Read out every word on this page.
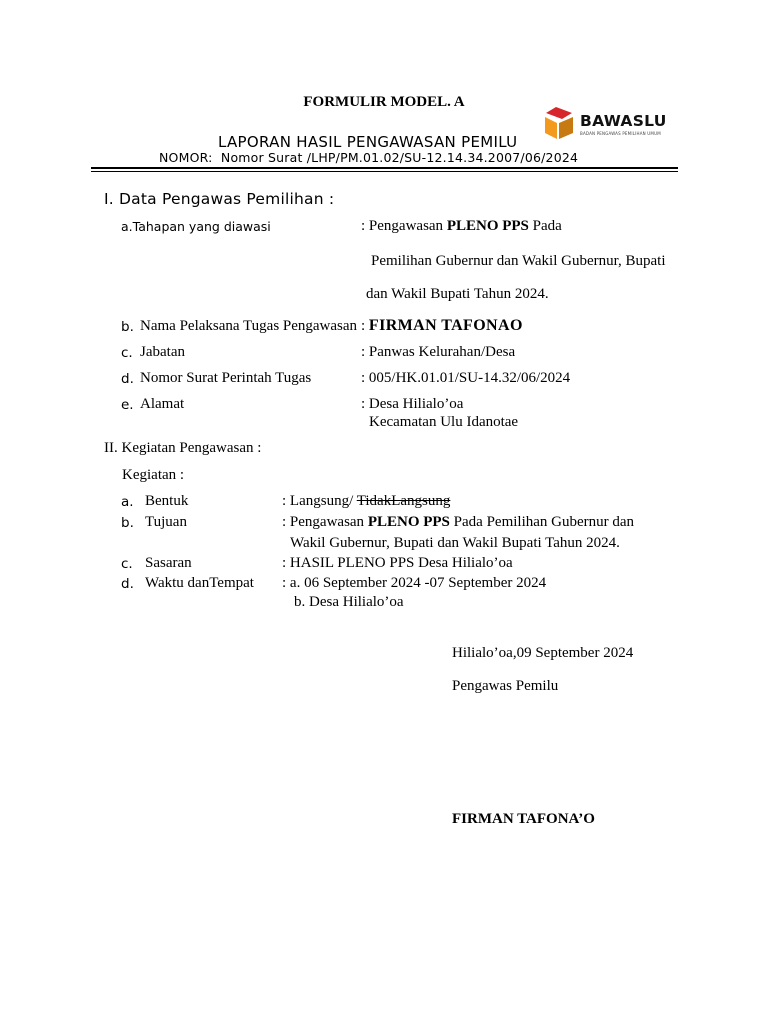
FORMULIR MODEL. A
BAWASLU
BADAN PENGAWAS PEMILIHAN UMUM
LAPORAN HASIL PENGAWASAN PEMILU
NOMOR: Nomor Surat /LHP/PM.01.02/SU-12.14.34.2007/06/2024
I. Data Pengawas Pemilihan :
a.Tahapan yang diawasi	: Pengawasan PLENO PPS Pada
Pemilihan Gubernur dan Wakil Gubernur, Bupati
dan Wakil Bupati Tahun 2024.
b. Nama Pelaksana Tugas Pengawasan : FIRMAN TAFONAO
c. Jabatan	: Panwas Kelurahan/Desa
d. Nomor Surat Perintah Tugas	: 005/HK.01.01/SU-14.32/06/2024
e. Alamat	: Desa Hilialo’oa
Kecamatan Ulu Idanotae
II. Kegiatan Pengawasan :
Kegiatan :
a. Bentuk	: Langsung/ TidakLangsung
b. Tujuan	: Pengawasan PLENO PPS Pada Pemilihan Gubernur dan
Wakil Gubernur, Bupati dan Wakil Bupati Tahun 2024.
c. Sasaran	: HASIL PLENO PPS Desa Hilialo’oa
d. Waktu danTempat : a. 06 September 2024 -07 September 2024
b. Desa Hilialo’oa
Hilialo’oa,09 September 2024
Pengawas Pemilu
FIRMAN TAFONA’O
